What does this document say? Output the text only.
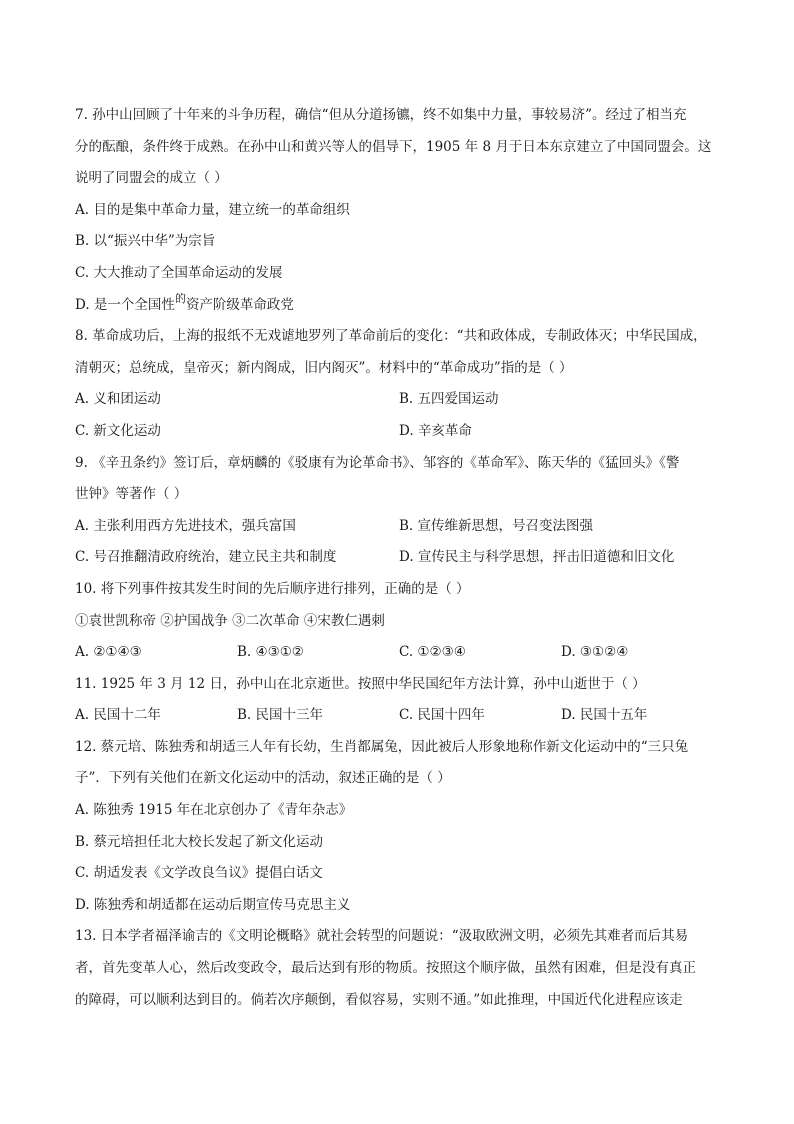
7. 孙中山回顾了十年来的斗争历程，确信“但从分道扬镳，终不如集中力量，事较易济”。经过了相当充
分的酝酿，条件终于成熟。在孙中山和黄兴等人的倡导下，1905 年 8 月于日本东京建立了中国同盟会。这
说明了同盟会的成立（ ）
A. 目的是集中革命力量，建立统一的革命组织
B. 以“振兴中华”为宗旨
C. 大大推动了全国革命运动的发展
D. 是一个全国性$^的$资产阶级革命政党
8. 革命成功后，上海的报纸不无戏谑地罗列了革命前后的变化：“共和政体成，专制政体灭；中华民国成，
清朝灭；总统成，皇帝灭；新内阁成，旧内阁灭”。材料中的“革命成功”指的是（ ）
A. 义和团运动	B. 五四爱国运动
C. 新文化运动	D. 辛亥革命
9. 《辛丑条约》签订后，章炳麟的《驳康有为论革命书》、邹容的《革命军》、陈天华的《猛回头》《警
世钟》等著作（ ）
A. 主张利用西方先进技术，强兵富国	B. 宣传维新思想，号召变法图强
C. 号召推翻清政府统治，建立民主共和制度	D. 宣传民主与科学思想，抨击旧道德和旧文化
10. 将下列事件按其发生时间的先后顺序进行排列，正确的是（ ）
①袁世凯称帝 ②护国战争 ③二次革命 ④宋教仁遇刺
A. ②①④③	B. ④③①②	C. ①②③④	D. ③①②④
11. 1925 年 3 月 12 日，孙中山在北京逝世。按照中华民国纪年方法计算，孙中山逝世于（ ）
A. 民国十二年	B. 民国十三年	C. 民国十四年	D. 民国十五年
12. 蔡元培、陈独秀和胡适三人年有长幼，生肖都属兔，因此被后人形象地称作新文化运动中的“三只兔
子”．下列有关他们在新文化运动中的活动，叙述正确的是（ ）
A. 陈独秀 1915 年在北京创办了《青年杂志》
B. 蔡元培担任北大校长发起了新文化运动
C. 胡适发表《文学改良刍议》提倡白话文
D. 陈独秀和胡适都在运动后期宣传马克思主义
13. 日本学者福泽谕吉的《文明论概略》就社会转型的问题说：“汲取欧洲文明，必须先其难者而后其易
者，首先变革人心，然后改变政令，最后达到有形的物质。按照这个顺序做，虽然有困难，但是没有真正
的障碍，可以顺利达到目的。倘若次序颠倒，看似容易，实则不通。”如此推理，中国近代化进程应该走
